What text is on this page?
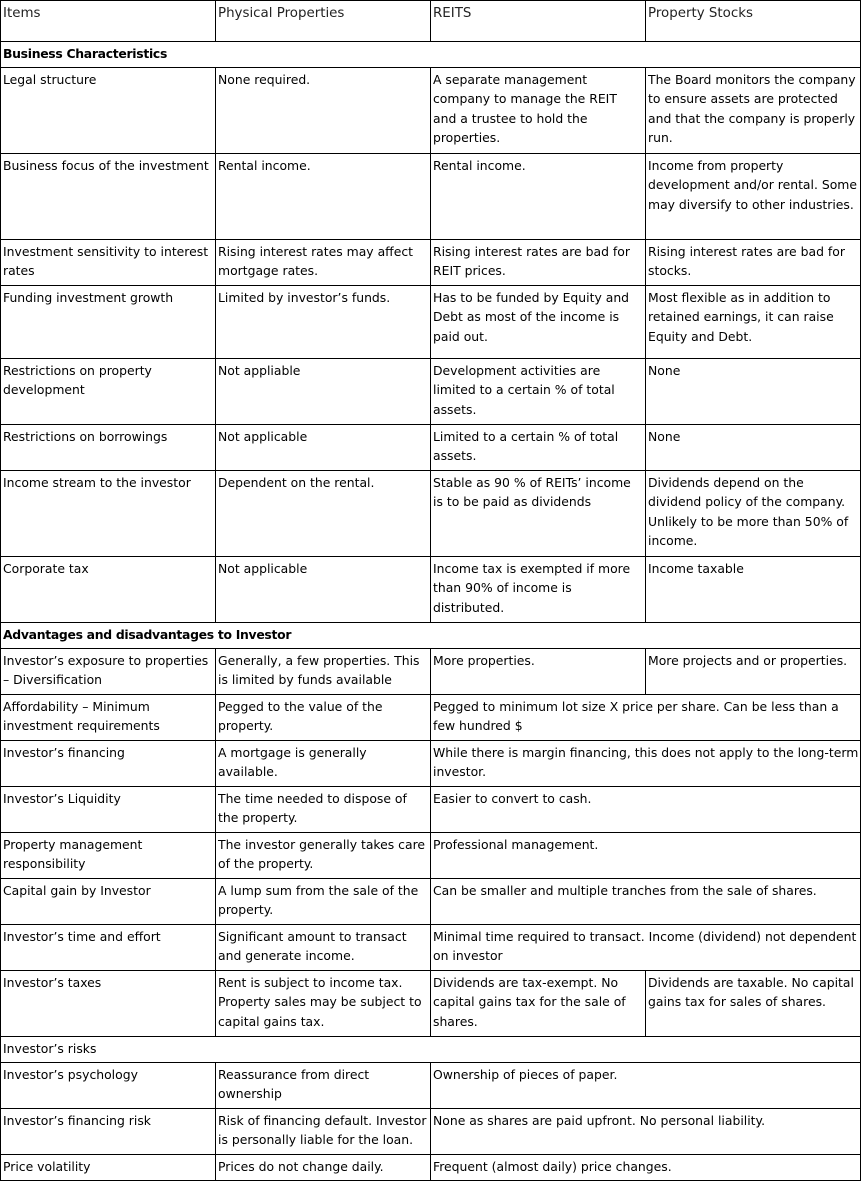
Items	Physical Properties	REITS	Property Stocks
Business Characteristics			
Legal structure	None required.	A separate management company to manage the REIT and a trustee to hold the properties.	The Board monitors the company to ensure assets are protected and that the company is properly run.
Business focus of the investment	Rental income.	Rental income.	Income from property development and/or rental. Some may diversify to other industries.
Investment sensitivity to interest rates	Rising interest rates may affect mortgage rates.	Rising interest rates are bad for REIT prices.	Rising interest rates are bad for stocks.
Funding investment growth	Limited by investor’s funds.	Has to be funded by Equity and Debt as most of the income is paid out.	Most flexible as in addition to retained earnings, it can raise Equity and Debt.
Restrictions on property development	Not appliable	Development activities are limited to a certain % of total assets.	None
Restrictions on borrowings	Not applicable	Limited to a certain % of total assets.	None
Income stream to the investor	Dependent on the rental.	Stable as 90 % of REITs’ income is to be paid as dividends	Dividends depend on the dividend policy of the company. Unlikely to be more than 50% of income.
Corporate tax	Not applicable	Income tax is exempted if more than 90% of income is distributed.	Income taxable
Advantages and disadvantages to Investor			
Investor’s exposure to properties – Diversification	Generally, a few properties. This is limited by funds available	More properties.	More projects and or properties.
Affordability – Minimum investment requirements	Pegged to the value of the property.	Pegged to minimum lot size X price per share. Can be less than a few hundred $	
Investor’s financing	A mortgage is generally available.	While there is margin financing, this does not apply to the long-term investor.	
Investor’s Liquidity	The time needed to dispose of the property.	Easier to convert to cash.	
Property management responsibility	The investor generally takes care of the property.	Professional management.	
Capital gain by Investor	A lump sum from the sale of the property.	Can be smaller and multiple tranches from the sale of shares.	
Investor’s time and effort	Significant amount to transact and generate income.	Minimal time required to transact. Income (dividend) not dependent on investor	
Investor’s taxes	Rent is subject to income tax. Property sales may be subject to capital gains tax.	Dividends are tax-exempt. No capital gains tax for the sale of shares.	Dividends are taxable. No capital gains tax for sales of shares.
Investor’s risks			
Investor’s psychology	Reassurance from direct ownership	Ownership of pieces of paper.	
Investor’s financing risk	Risk of financing default. Investor is personally liable for the loan.	None as shares are paid upfront. No personal liability.	
Price volatility	Prices do not change daily.	Frequent (almost daily) price changes.	
